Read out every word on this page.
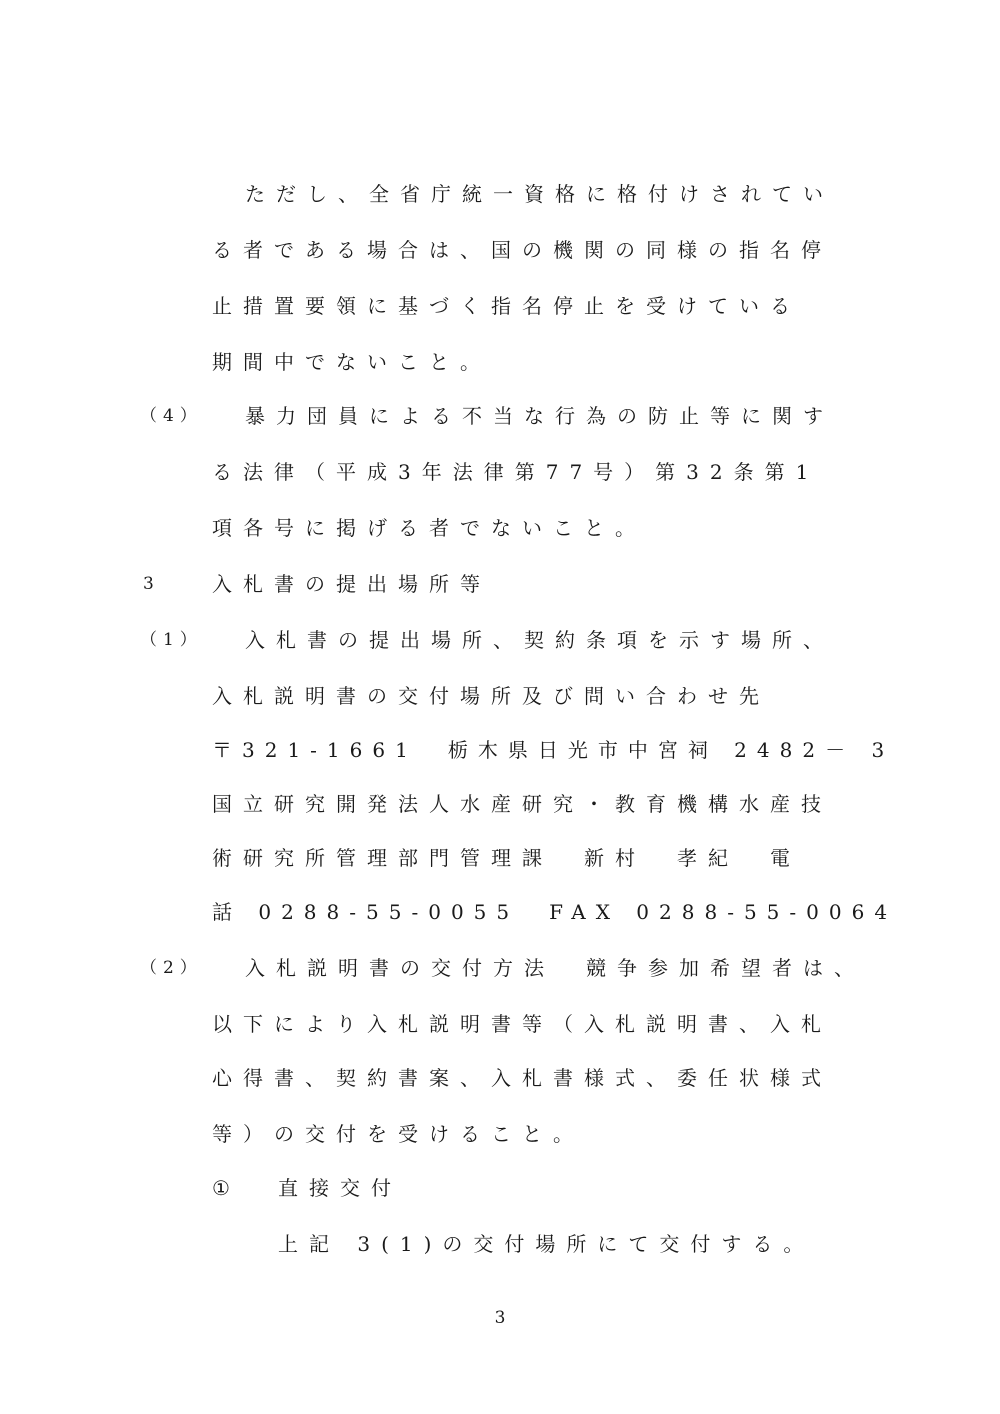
ただし、全省庁統一資格に格付けされてい
る者である場合は、国の機関の同様の指名停
止措置要領に基づく指名停止を受けている
期間中でないこと。
（4） 暴力団員による不当な行為の防止等に関す
る法律（平成3年法律第77号）第32条第1
項各号に掲げる者でないこと。
3	入札書の提出場所等
（1） 入札書の提出場所、契約条項を示す場所、
入札説明書の交付場所及び問い合わせ先
〒321-1661　栃木県日光市中宮祠 2482－ 3
国立研究開発法人水産研究・教育機構水産技
術研究所管理部門管理課　新村　孝紀　電
話 0288-55-0055　FAX 0288-55-0064
（2） 入札説明書の交付方法　競争参加希望者は、
以下により入札説明書等（入札説明書、入札
心得書、契約書案、入札書様式、委任状様式
等）の交付を受けること。
① 直接交付
上記 3(1)の交付場所にて交付する。
3
